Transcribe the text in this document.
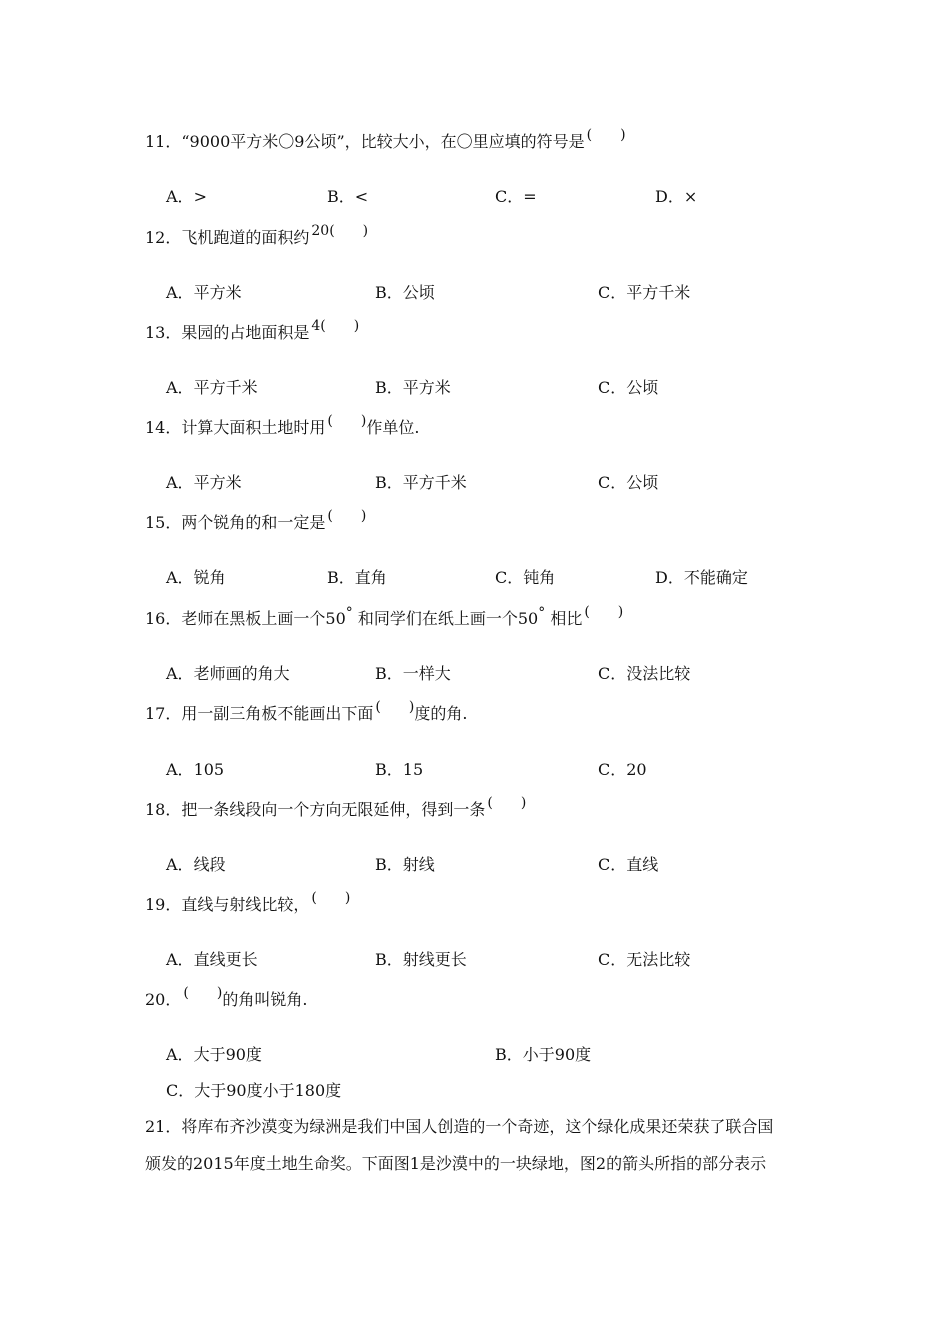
11．“9000平方米〇9公顷”，比较大小，在〇里应填的符号是 (　　)
A．>	B．<	C．=	D．×
12．飞机跑道的面积约 20(　　)
A．平方米	B．公顷	C．平方千米
13．果园的占地面积是 4(　　)
A．平方千米	B．平方米	C．公顷
14．计算大面积土地时用 (　　)作单位.
A．平方米	B．平方千米	C．公顷
15．两个锐角的和一定是 (　　)
A．锐角	B．直角	C．钝角	D．不能确定
16．老师在黑板上画一个50° 和同学们在纸上画一个50° 相比 (　　)
A．老师画的角大	B．一样大	C．没法比较
17．用一副三角板不能画出下面 (　　)度的角.
A．105	B．15	C．20
18．把一条线段向一个方向无限延伸，得到一条 (　　)
A．线段	B．射线	C．直线
19．直线与射线比较， (　　)
A．直线更长	B．射线更长	C．无法比较
20． (　　)的角叫锐角.
A．大于90度	B．小于90度
C．大于90度小于180度
21．将库布齐沙漠变为绿洲是我们中国人创造的一个奇迹，这个绿化成果还荣获了联合国
颁发的2015年度土地生命奖。下面图1是沙漠中的一块绿地，图2的箭头所指的部分表示
